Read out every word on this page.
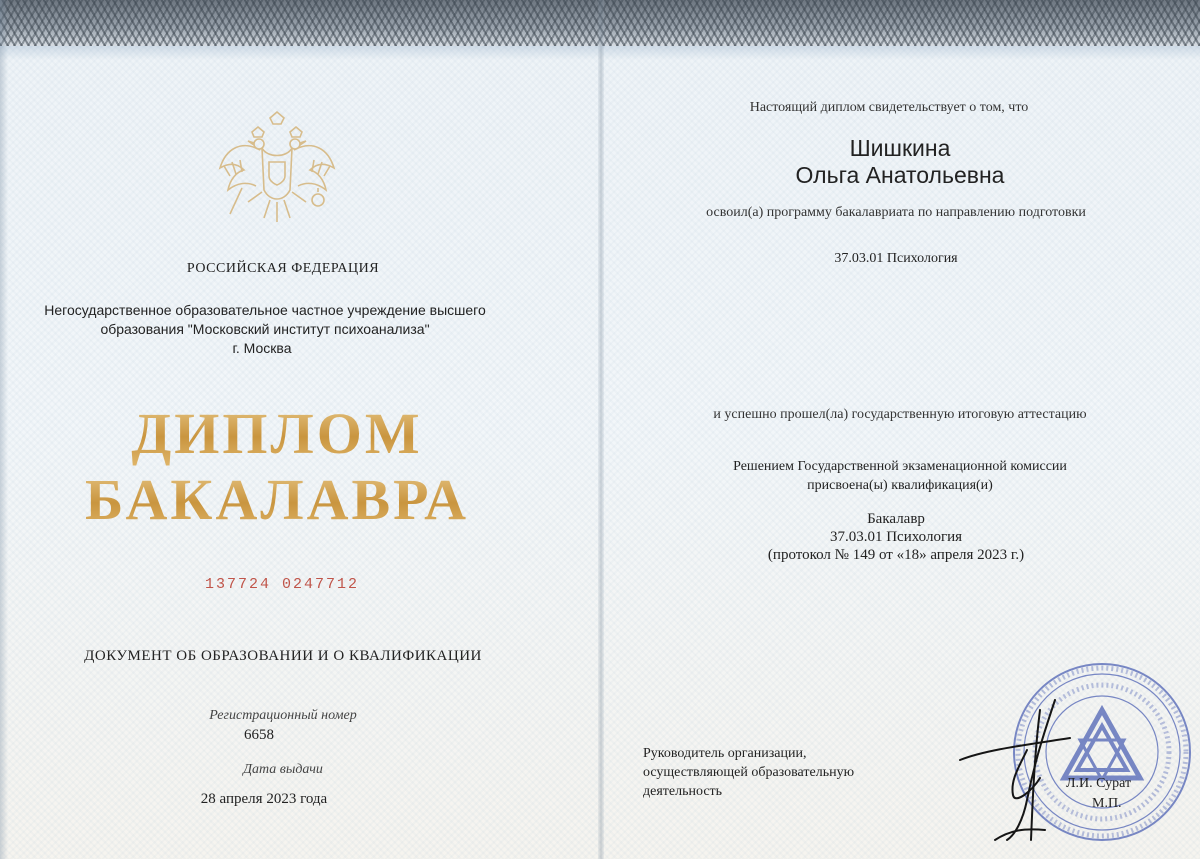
РОССИЙСКАЯ ФЕДЕРАЦИЯ
Негосударственное образовательное частное учреждение высшего
образования "Московский институт психоанализа"
г. Москва
ДИПЛОМ
БАКАЛАВРА
137724 0247712
ДОКУМЕНТ ОБ ОБРАЗОВАНИИ И О КВАЛИФИКАЦИИ
Регистрационный номер
6658
Дата выдачи
28 апреля 2023 года
Настоящий диплом свидетельствует о том, что
Шишкина
Ольга Анатольевна
освоил(а) программу бакалавриата по направлению подготовки
37.03.01 Психология
и успешно прошел(ла) государственную итоговую аттестацию
Решением Государственной экзаменационной комиссии
присвоена(ы) квалификация(и)
Бакалавр
37.03.01 Психология
(протокол № 149 от «18» апреля 2023 г.)
Руководитель организации,
осуществляющей образовательную
деятельность
Л.И. Сурат
М.П.
